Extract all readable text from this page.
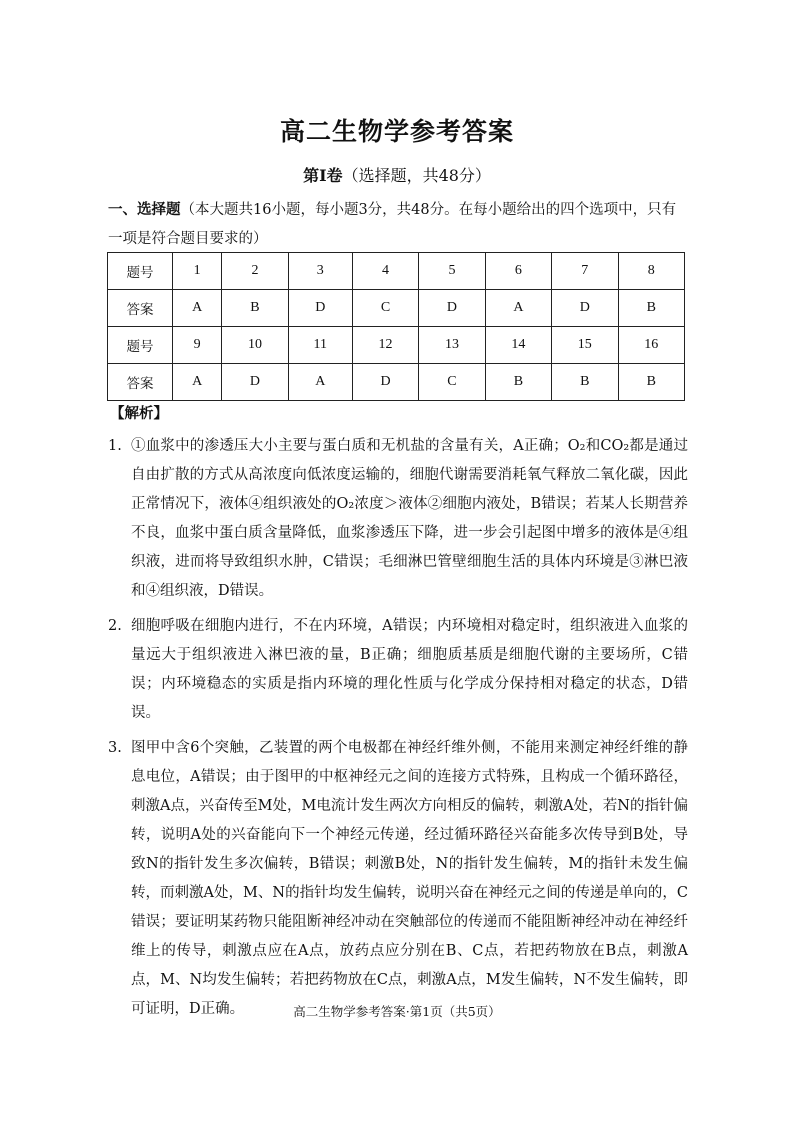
高二生物学参考答案
第Ⅰ卷（选择题，共48分）
一、选择题（本大题共16小题，每小题3分，共48分。在每小题给出的四个选项中，只有一项是符合题目要求的）
题号	1	2	3	4	5	6	7	8
答案	A	B	D	C	D	A	D	B
题号	9	10	11	12	13	14	15	16
答案	A	D	A	D	C	B	B	B
【解析】
1. ①血浆中的渗透压大小主要与蛋白质和无机盐的含量有关，A正确；O₂和CO₂都是通过自由扩散的方式从高浓度向低浓度运输的，细胞代谢需要消耗氧气释放二氧化碳，因此正常情况下，液体④组织液处的O₂浓度＞液体②细胞内液处，B错误；若某人长期营养不良，血浆中蛋白质含量降低，血浆渗透压下降，进一步会引起图中增多的液体是④组织液，进而将导致组织水肿，C错误；毛细淋巴管壁细胞生活的具体内环境是③淋巴液和④组织液，D错误。
2. 细胞呼吸在细胞内进行，不在内环境，A错误；内环境相对稳定时，组织液进入血浆的量远大于组织液进入淋巴液的量，B正确；细胞质基质是细胞代谢的主要场所，C错误；内环境稳态的实质是指内环境的理化性质与化学成分保持相对稳定的状态，D错误。
3. 图甲中含6个突触，乙装置的两个电极都在神经纤维外侧，不能用来测定神经纤维的静息电位，A错误；由于图甲的中枢神经元之间的连接方式特殊，且构成一个循环路径，刺激A点，兴奋传至M处，M电流计发生两次方向相反的偏转，刺激A处，若N的指针偏转，说明A处的兴奋能向下一个神经元传递，经过循环路径兴奋能多次传导到B处，导致N的指针发生多次偏转，B错误；刺激B处，N的指针发生偏转，M的指针未发生偏转，而刺激A处，M、N的指针均发生偏转，说明兴奋在神经元之间的传递是单向的，C错误；要证明某药物只能阻断神经冲动在突触部位的传递而不能阻断神经冲动在神经纤维上的传导，刺激点应在A点，放药点应分别在B、C点，若把药物放在B点，刺激A点，M、N均发生偏转；若把药物放在C点，刺激A点，M发生偏转，N不发生偏转，即可证明，D正确。	高二生物学参考答案·第1页（共5页）
